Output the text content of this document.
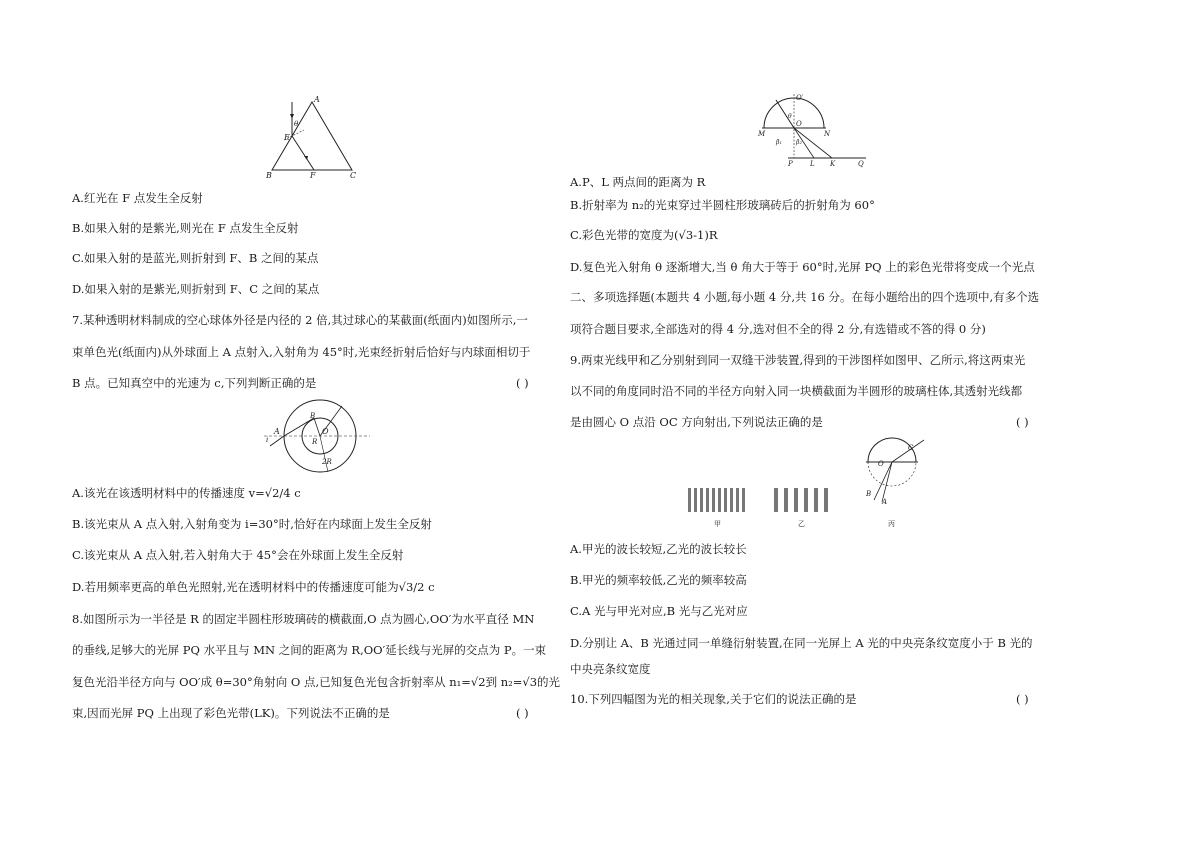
A
B	C
E
F
θ
A.红光在 F 点发生全反射
B.如果入射的是紫光,则光在 F 点发生全反射
C.如果入射的是蓝光,则折射到 F、B 之间的某点
D.如果入射的是紫光,则折射到 F、C 之间的某点
7.某种透明材料制成的空心球体外径是内径的 2 倍,其过球心的某截面(纸面内)如图所示,一
束单色光(纸面内)从外球面上 A 点射入,入射角为 45°时,光束经折射后恰好与内球面相切于
B 点。已知真空中的光速为 c,下列判断正确的是	( )
A
B
O
R
2R
i
A.该光在该透明材料中的传播速度 v=√2/4 c
B.该光束从 A 点入射,入射角变为 i=30°时,恰好在内球面上发生全反射
C.该光束从 A 点入射,若入射角大于 45°会在外球面上发生全反射
D.若用频率更高的单色光照射,光在透明材料中的传播速度可能为√3/2 c
8.如图所示为一半径是 R 的固定半圆柱形玻璃砖的横截面,O 点为圆心,OO′为水平直径 MN
的垂线,足够大的光屏 PQ 水平且与 MN 之间的距离为 R,OO′延长线与光屏的交点为 P。一束
复色光沿半径方向与 OO′成 θ=30°角射向 O 点,已知复色光包含折射率从 n₁=√2到 n₂=√3的光
束,因而光屏 PQ 上出现了彩色光带(LK)。下列说法不正确的是	( )
O′
O
M	N
P L K	Q
θ
β₁ β₂
A.P、L 两点间的距离为 R
B.折射率为 n₂的光束穿过半圆柱形玻璃砖后的折射角为 60°
C.彩色光带的宽度为(√3-1)R
D.复色光入射角 θ 逐渐增大,当 θ 角大于等于 60°时,光屏 PQ 上的彩色光带将变成一个光点
二、多项选择题(本题共 4 小题,每小题 4 分,共 16 分。在每小题给出的四个选项中,有多个选
项符合题目要求,全部选对的得 4 分,选对但不全的得 2 分,有选错或不答的得 0 分)
9.两束光线甲和乙分别射到同一双缝干涉装置,得到的干涉图样如图甲、乙所示,将这两束光
以不同的角度同时沿不同的半径方向射入同一块横截面为半圆形的玻璃柱体,其透射光线都
是由圆心 O 点沿 OC 方向射出,下列说法正确的是	( )
O
C
B
A
甲	乙	丙
A.甲光的波长较短,乙光的波长较长
B.甲光的频率较低,乙光的频率较高
C.A 光与甲光对应,B 光与乙光对应
D.分别让 A、B 光通过同一单缝衍射装置,在同一光屏上 A 光的中央亮条纹宽度小于 B 光的
中央亮条纹宽度
10.下列四幅图为光的相关现象,关于它们的说法正确的是	( )
